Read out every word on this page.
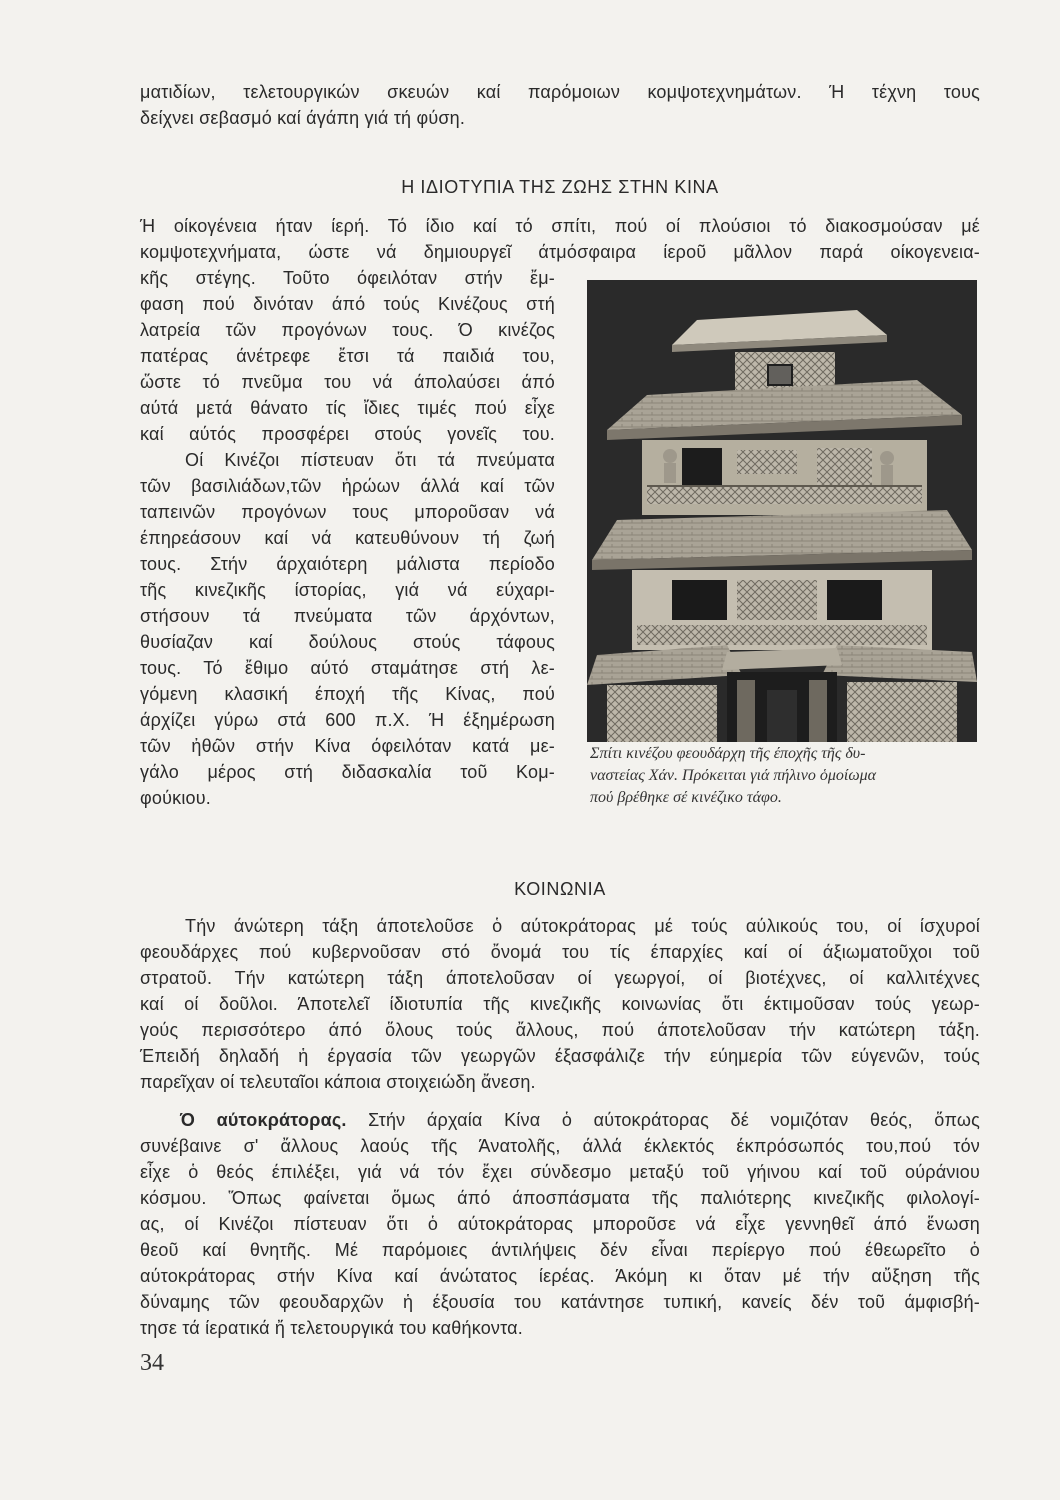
ματιδίων, τελετουργικών σκευών καί παρόμοιων κομψοτεχνημάτων. Ή τέχνη τους
δείχνει σεβασμό καί άγάπη γιά τή φύση.
Η ΙΔΙΟΤΥΠΙΑ ΤΗΣ ΖΩΗΣ ΣΤΗΝ ΚΙΝΑ
Ή οίκογένεια ήταν ίερή. Τό ίδιο καί τό σπίτι, πού οί πλούσιοι τό διακοσμούσαν μέ
κομψοτεχνήματα, ώστε νά δημιουργεῖ άτμόσφαιρα ίεροῦ μᾶλλον παρά οίκογενεια-
κῆς στέγης. Τοῦτο όφειλόταν στήν ἔμ-
φαση πού δινόταν άπό τούς Κινέζους στή
λατρεία τῶν προγόνων τους. Ό κινέζος
πατέρας άνέτρεφε ἔτσι τά παιδιά του,
ὥστε τό πνεῦμα του νά άπολαύσει άπό
αύτά μετά θάνατο τίς ἴδιες τιμές πού εἶχε
καί αύτός προσφέρει στούς γονεῖς του.
Οί Κινέζοι πίστευαν ὅτι τά πνεύματα
τῶν βασιλιάδων,τῶν ἡρώων άλλά καί τῶν
ταπεινῶν προγόνων τους μποροῦσαν νά
έπηρεάσουν καί νά κατευθύνουν τή ζωή
τους. Στήν άρχαιότερη μάλιστα περίοδο
τῆς κινεζικῆς ίστορίας, γιά νά εύχαρι-
στήσουν τά πνεύματα τῶν άρχόντων,
θυσίαζαν καί δούλους στούς τάφους
τους. Τό ἔθιμο αύτό σταμάτησε στή λε-
γόμενη κλασική έποχή τῆς Κίνας, πού
άρχίζει γύρω στά 600 π.Χ. Ή έξημέρωση
τῶν ἠθῶν στήν Κίνα όφειλόταν κατά με-
γάλο μέρος στή διδασκαλία τοῦ Κομ-
φούκιου.
Σπίτι κινέζου φεουδάρχη τῆς έποχῆς τῆς δυ-
ναστείας Χάν. Πρόκειται γιά πήλινο ὁμοίωμα
πού βρέθηκε σέ κινέζικο τάφο.
ΚΟΙΝΩΝΙΑ
Τήν άνώτερη τάξη άποτελοῦσε ὁ αύτοκράτορας μέ τούς αύλικούς του, οί ίσχυροί
φεουδάρχες πού κυβερνοῦσαν στό ὄνομά του τίς έπαρχίες καί οί άξιωματοῦχοι τοῦ
στρατοῦ. Τήν κατώτερη τάξη άποτελοῦσαν οί γεωργοί, οί βιοτέχνες, οί καλλιτέχνες
καί οί δοῦλοι. Άποτελεῖ ίδιοτυπία τῆς κινεζικῆς κοινωνίας ὅτι έκτιμοῦσαν τούς γεωρ-
γούς περισσότερο άπό ὅλους τούς ἄλλους, πού άποτελοῦσαν τήν κατώτερη τάξη.
Έπειδή δηλαδή ἡ έργασία τῶν γεωργῶν έξασφάλιζε τήν εύημερία τῶν εύγενῶν, τούς
παρεῖχαν οί τελευταῖοι κάποια στοιχειώδη ἄνεση.
Ό αύτοκράτορας. Στήν άρχαία Κίνα ὁ αύτοκράτορας δέ νομιζόταν θεός, ὅπως
συνέβαινε σ' ἄλλους λαούς τῆς Άνατολῆς, άλλά έκλεκτός έκπρόσωπός του,πού τόν
εἶχε ὁ θεός έπιλέξει, γιά νά τόν ἔχει σύνδεσμο μεταξύ τοῦ γήινου καί τοῦ ούράνιου
κόσμου. Ὅπως φαίνεται ὅμως άπό άποσπάσματα τῆς παλιότερης κινεζικῆς φιλολογί-
ας, οί Κινέζοι πίστευαν ὅτι ὁ αύτοκράτορας μποροῦσε νά εἶχε γεννηθεῖ άπό ἕνωση
θεοῦ καί θνητῆς. Μέ παρόμοιες άντιλήψεις δέν εἶναι περίεργο πού έθεωρεῖτο ὁ
αύτοκράτορας στήν Κίνα καί άνώτατος ίερέας. Άκόμη κι ὅταν μέ τήν αὔξηση τῆς
δύναμης τῶν φεουδαρχῶν ἡ έξουσία του κατάντησε τυπική, κανείς δέν τοῦ άμφισβή-
τησε τά ίερατικά ἤ τελετουργικά του καθήκοντα.
34
